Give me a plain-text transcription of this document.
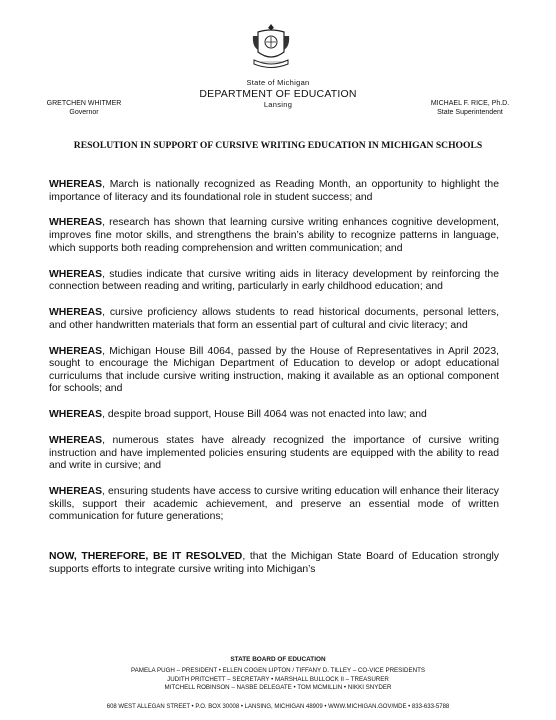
State of Michigan
DEPARTMENT OF EDUCATION
Lansing
GRETCHEN WHITMER
Governor
MICHAEL F. RICE, Ph.D.
State Superintendent
RESOLUTION IN SUPPORT OF CURSIVE WRITING EDUCATION IN MICHIGAN SCHOOLS

WHEREAS, March is nationally recognized as Reading Month, an opportunity to highlight the importance of literacy and its foundational role in student success; and

WHEREAS, research has shown that learning cursive writing enhances cognitive development, improves fine motor skills, and strengthens the brain’s ability to recognize patterns in language, which supports both reading comprehension and written communication; and

WHEREAS, studies indicate that cursive writing aids in literacy development by reinforcing the connection between reading and writing, particularly in early childhood education; and

WHEREAS, cursive proficiency allows students to read historical documents, personal letters, and other handwritten materials that form an essential part of cultural and civic literacy; and

WHEREAS, Michigan House Bill 4064, passed by the House of Representatives in April 2023, sought to encourage the Michigan Department of Education to develop or adopt educational curriculums that include cursive writing instruction, making it available as an optional component for schools; and

WHEREAS, despite broad support, House Bill 4064 was not enacted into law; and

WHEREAS, numerous states have already recognized the importance of cursive writing instruction and have implemented policies ensuring students are equipped with the ability to read and write in cursive; and

WHEREAS, ensuring students have access to cursive writing education will enhance their literacy skills, support their academic achievement, and preserve an essential mode of written communication for future generations;

NOW, THEREFORE, BE IT RESOLVED, that the Michigan State Board of Education strongly supports efforts to integrate cursive writing into Michigan’s

STATE BOARD OF EDUCATION
PAMELA PUGH – PRESIDENT • ELLEN COGEN LIPTON / TIFFANY D. TILLEY – CO-VICE PRESIDENTS
JUDITH PRITCHETT – SECRETARY • MARSHALL BULLOCK II – TREASURER
MITCHELL ROBINSON – NASBE DELEGATE • TOM MCMILLIN • NIKKI SNYDER
608 WEST ALLEGAN STREET • P.O. BOX 30008 • LANSING, MICHIGAN 48909 • WWW.MICHIGAN.GOV/MDE • 833-633-5788
